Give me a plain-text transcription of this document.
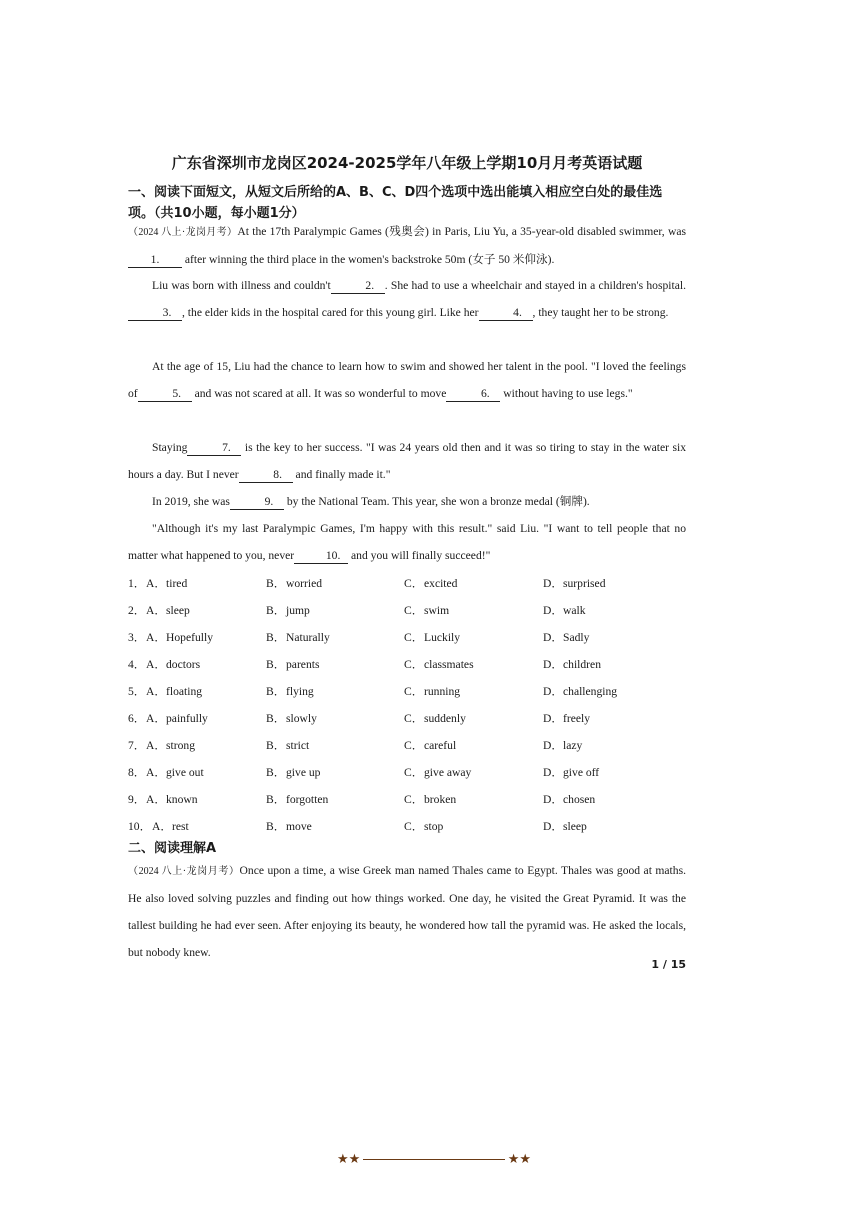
广东省深圳市龙岗区2024-2025学年八年级上学期10月月考英语试题
一、阅读下面短文，从短文后所给的A、B、C、D四个选项中选出能填入相应空白处的最佳选项。（共10小题，每小题1分）
（2024 八上·龙岗月考）At the 17th Paralympic Games (残奥会) in Paris, Liu Yu, a 35-year-old disabled swimmer, was1. after winning the third place in the women's backstroke 50m (女子 50 米仰泳).
Liu was born with illness and couldn't	2. . She had to use a wheelchair and stayed in a children's hospital.3. , the elder kids in the hospital cared for this young girl. Like her	4. , they taught her to be strong.
At the age of 15, Liu had the chance to learn how to swim and showed her talent in the pool. "I loved the feelings of	5. and was not scared at all. It was so wonderful to move	6. without having to use legs."
Staying	7. is the key to her success. "I was 24 years old then and it was so tiring to stay in the water six hours a day. But I never	8. and finally made it."
In 2019, she was	9. by the National Team. This year, she won a bronze medal (铜牌).
"Although it's my last Paralympic Games, I'm happy with this result." said Liu. "I want to tell people that no matter what happened to you, never	10. and you will finally succeed!"
1． A．tired	B．worried	C．excited	D．surprised
2． A．sleep	B．jump	C．swim	D．walk
3． A．Hopefully	B．Naturally	C．Luckily	D．Sadly
4． A．doctors	B．parents	C．classmates	D．children
5． A．floating	B．flying	C．running	D．challenging
6． A．painfully	B．slowly	C．suddenly	D．freely
7． A．strong	B．strict	C．careful	D．lazy
8． A．give out	B．give up	C．give away	D．give off
9． A．known	B．forgotten	C．broken	D．chosen
10． A．rest	B．move	C．stop	D．sleep
二、阅读理解A
（2024 八上·龙岗月考）Once upon a time, a wise Greek man named Thales came to Egypt. Thales was good at maths. He also loved solving puzzles and finding out how things worked. One day, he visited the Great Pyramid. It was the tallest building he had ever seen. After enjoying its beauty, he wondered how tall the pyramid was. He asked the locals, but nobody knew.
1 / 15
★★	★★
